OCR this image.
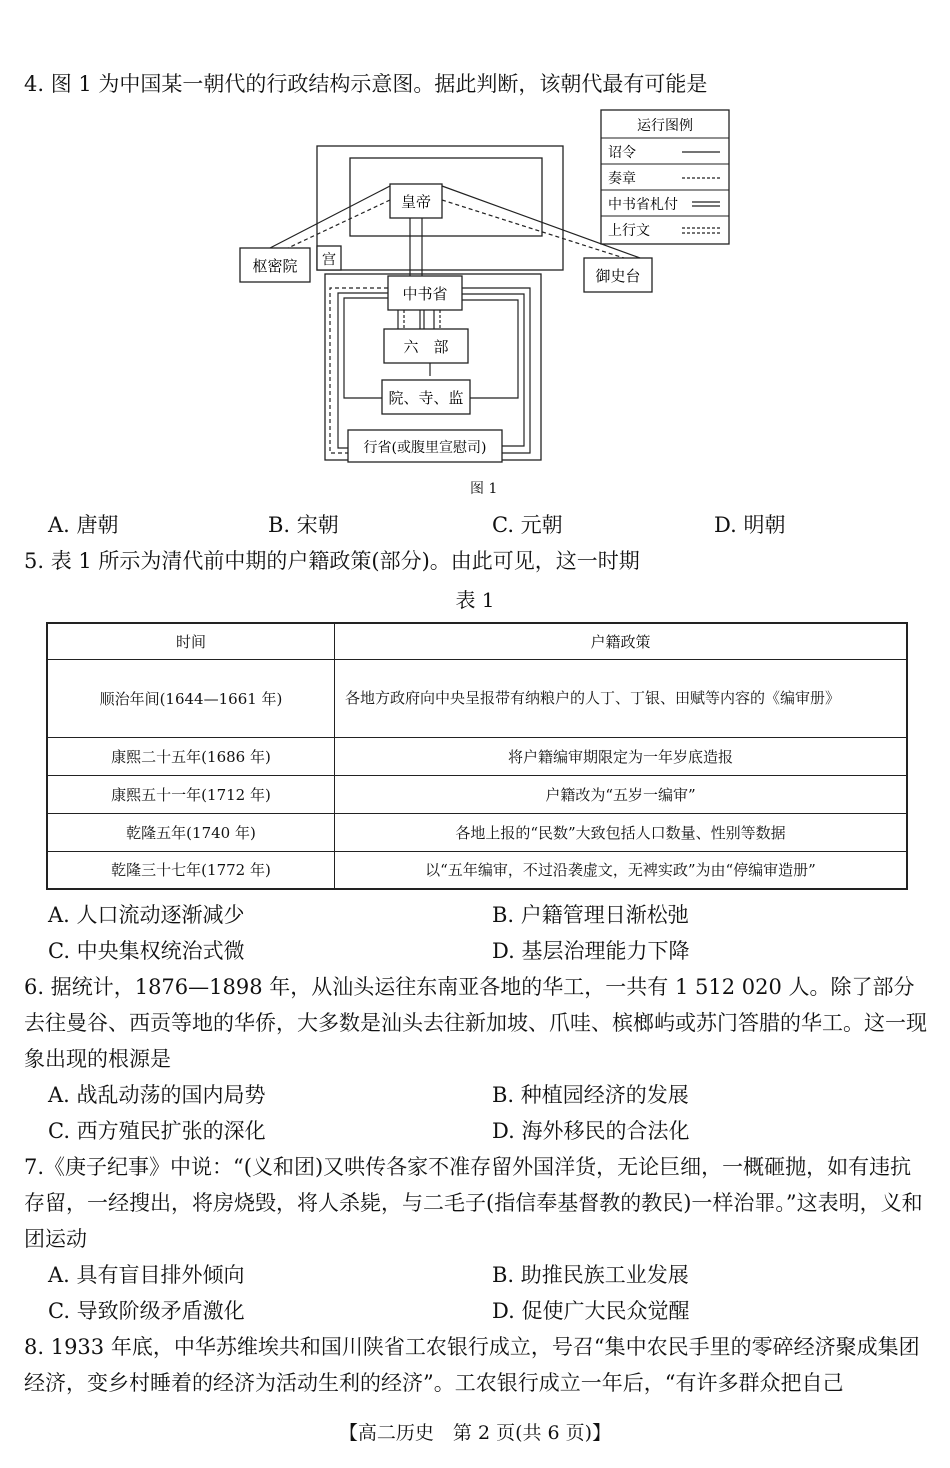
4. 图 1 为中国某一朝代的行政结构示意图。据此判断，该朝代最有可能是
皇帝
宫
枢密院
御史台
中书省
六　部
院、寺、监
行省(或腹里宣慰司)
运行图例
诏令
奏章
中书省札付
上行文
图 1
A. 唐朝	B. 宋朝	C. 元朝	D. 明朝
5. 表 1 所示为清代前中期的户籍政策(部分)。由此可见，这一时期
表 1
时间	户籍政策
顺治年间(1644—1661 年)	各地方政府向中央呈报带有纳粮户的人丁、丁银、田赋等内容的《编审册》
康熙二十五年(1686 年)	将户籍编审期限定为一年岁底造报
康熙五十一年(1712 年)	户籍改为“五岁一编审”
乾隆五年(1740 年)	各地上报的“民数”大致包括人口数量、性别等数据
乾隆三十七年(1772 年)	以“五年编审，不过沿袭虚文，无裨实政”为由“停编审造册”
A. 人口流动逐渐减少	B. 户籍管理日渐松弛
C. 中央集权统治式微	D. 基层治理能力下降
6. 据统计，1876—1898 年，从汕头运往东南亚各地的华工，一共有 1 512 020 人。除了部分去往曼谷、西贡等地的华侨，大多数是汕头去往新加坡、爪哇、槟榔屿或苏门答腊的华工。这一现象出现的根源是
A. 战乱动荡的国内局势	B. 种植园经济的发展
C. 西方殖民扩张的深化	D. 海外移民的合法化
7.《庚子纪事》中说：“(义和团)又哄传各家不准存留外国洋货，无论巨细，一概砸抛，如有违抗存留，一经搜出，将房烧毁，将人杀毙，与二毛子(指信奉基督教的教民)一样治罪。”这表明，义和团运动
A. 具有盲目排外倾向	B. 助推民族工业发展
C. 导致阶级矛盾激化	D. 促使广大民众觉醒
8. 1933 年底，中华苏维埃共和国川陕省工农银行成立，号召“集中农民手里的零碎经济聚成集团经济，变乡村睡着的经济为活动生利的经济”。工农银行成立一年后，“有许多群众把自己
【高二历史　第 2 页(共 6 页)】
